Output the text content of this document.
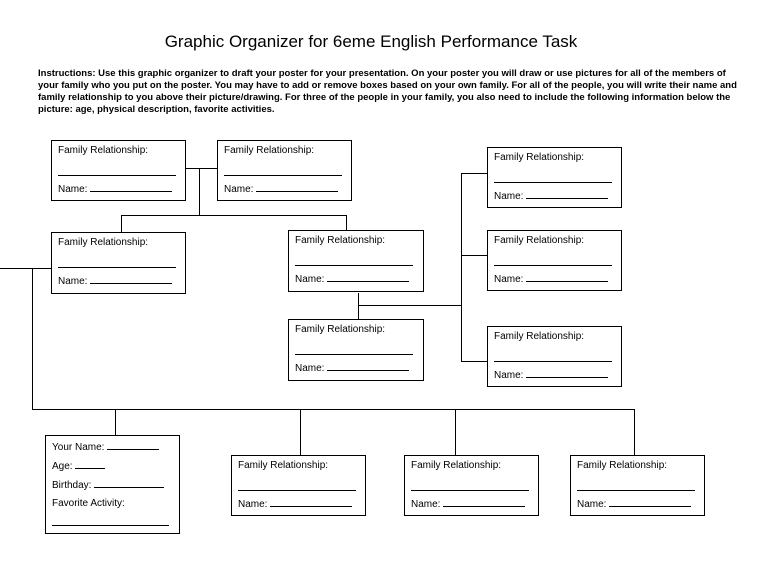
Graphic Organizer for 6eme English Performance Task
Instructions: Use this graphic organizer to draft your poster for your presentation. On your poster you will draw or use pictures for all of the members of your family who you put on the poster. You may have to add or remove boxes based on your own family. For all of the people, you will write their name and family relationship to you above their picture/drawing. For three of the people in your family, you also need to include the following information below the picture: age, physical description, favorite activities.
Family Relationship:
Name:
Family Relationship:
Name:
Family Relationship:
Name:
Family Relationship:
Name:
Family Relationship:
Name:
Family Relationship:
Name:
Family Relationship:
Name:
Family Relationship:
Name:
Your Name:
Age:
Birthday:
Favorite Activity:
Family Relationship:
Name:
Family Relationship:
Name:
Family Relationship:
Name:
